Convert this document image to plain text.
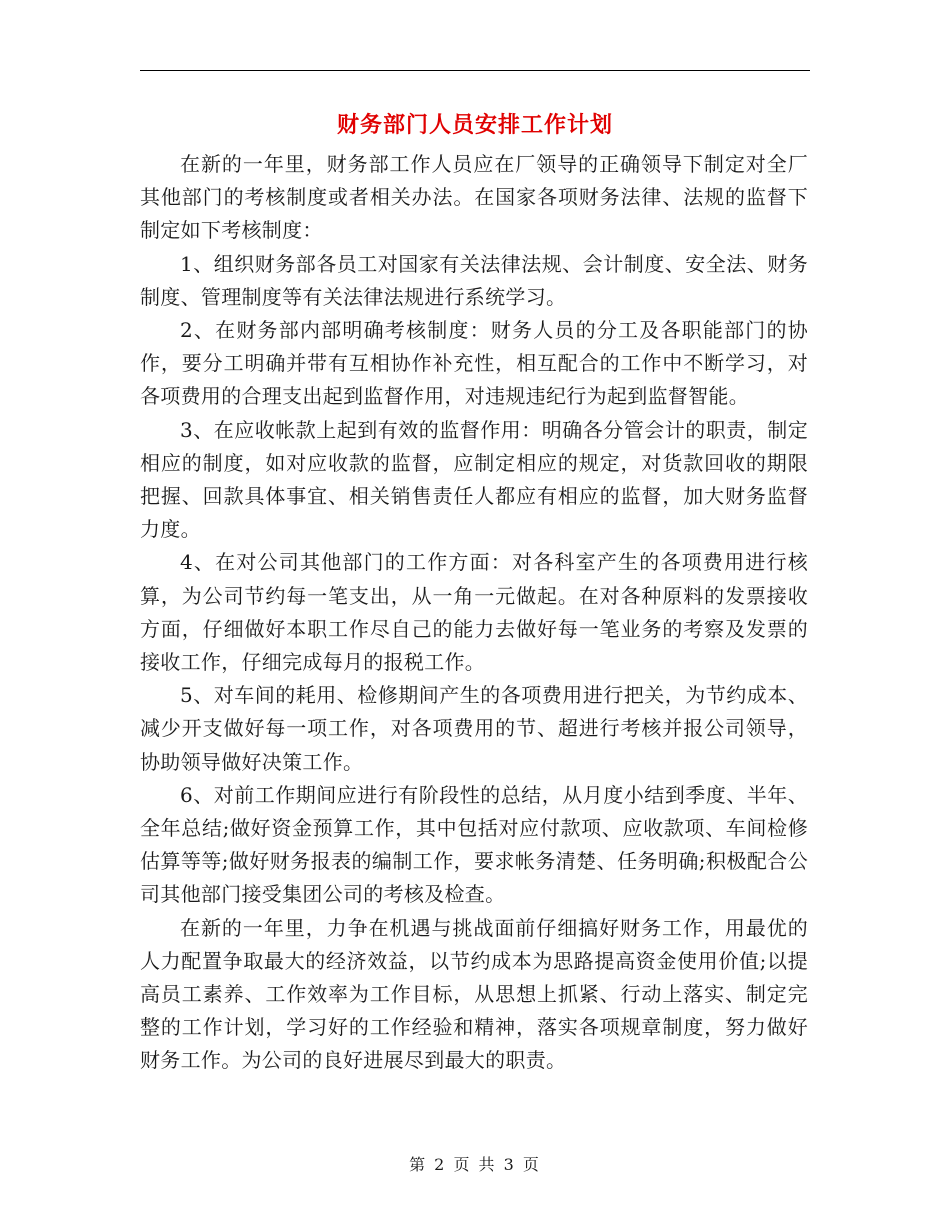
财务部门人员安排工作计划

在新的一年里，财务部工作人员应在厂领导的正确领导下制定对全厂其他部门的考核制度或者相关办法。在国家各项财务法律、法规的监督下制定如下考核制度：

1、组织财务部各员工对国家有关法律法规、会计制度、安全法、财务制度、管理制度等有关法律法规进行系统学习。

2、在财务部内部明确考核制度：财务人员的分工及各职能部门的协作，要分工明确并带有互相协作补充性，相互配合的工作中不断学习，对各项费用的合理支出起到监督作用，对违规违纪行为起到监督智能。

3、在应收帐款上起到有效的监督作用：明确各分管会计的职责，制定相应的制度，如对应收款的监督，应制定相应的规定，对货款回收的期限把握、回款具体事宜、相关销售责任人都应有相应的监督，加大财务监督力度。

4、在对公司其他部门的工作方面：对各科室产生的各项费用进行核算，为公司节约每一笔支出，从一角一元做起。在对各种原料的发票接收方面，仔细做好本职工作尽自己的能力去做好每一笔业务的考察及发票的接收工作，仔细完成每月的报税工作。

5、对车间的耗用、检修期间产生的各项费用进行把关，为节约成本、减少开支做好每一项工作，对各项费用的节、超进行考核并报公司领导，协助领导做好决策工作。

6、对前工作期间应进行有阶段性的总结，从月度小结到季度、半年、全年总结;做好资金预算工作，其中包括对应付款项、应收款项、车间检修估算等等;做好财务报表的编制工作，要求帐务清楚、任务明确;积极配合公司其他部门接受集团公司的考核及检查。

在新的一年里，力争在机遇与挑战面前仔细搞好财务工作，用最优的人力配置争取最大的经济效益，以节约成本为思路提高资金使用价值;以提高员工素养、工作效率为工作目标，从思想上抓紧、行动上落实、制定完整的工作计划，学习好的工作经验和精神，落实各项规章制度，努力做好财务工作。为公司的良好进展尽到最大的职责。

第 2 页 共 3 页
